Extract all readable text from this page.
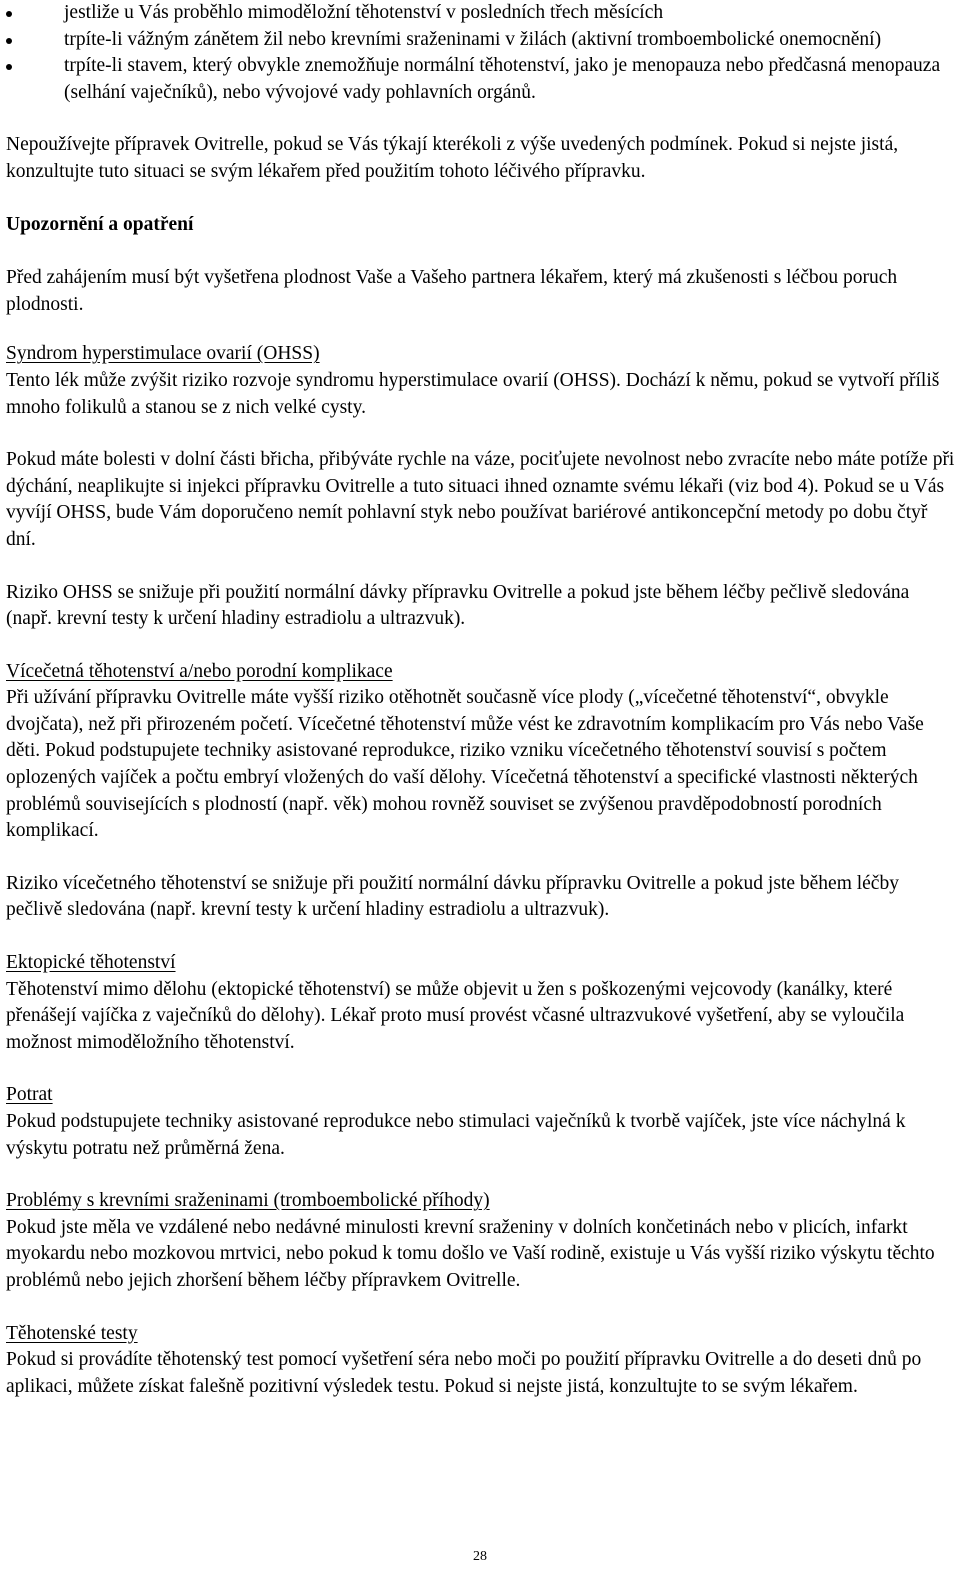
jestliže u Vás proběhlo mimoděložní těhotenství v posledních třech měsících
trpíte-li vážným zánětem žil nebo krevními sraženinami v žilách (aktivní tromboembolické onemocnění)
trpíte-li stavem, který obvykle znemožňuje normální těhotenství, jako je menopauza nebo předčasná menopauza (selhání vaječníků), nebo vývojové vady pohlavních orgánů.

Nepoužívejte přípravek Ovitrelle, pokud se Vás týkají kterékoli z výše uvedených podmínek. Pokud si nejste jistá, konzultujte tuto situaci se svým lékařem před použitím tohoto léčivého přípravku.

Upozornění a opatření

Před zahájením musí být vyšetřena plodnost Vaše a Vašeho partnera lékařem, který má zkušenosti s léčbou poruch plodnosti.

Syndrom hyperstimulace ovarií (OHSS)

Tento lék může zvýšit riziko rozvoje syndromu hyperstimulace ovarií (OHSS). Dochází k němu, pokud se vytvoří příliš mnoho folikulů a stanou se z nich velké cysty.

Pokud máte bolesti v dolní části břicha, přibýváte rychle na váze, pociťujete nevolnost nebo zvracíte nebo máte potíže při dýchání, neaplikujte si injekci přípravku Ovitrelle a tuto situaci ihned oznamte svému lékaři (viz bod 4). Pokud se u Vás vyvíjí OHSS, bude Vám doporučeno nemít pohlavní styk nebo používat bariérové antikoncepční metody po dobu čtyř dní.

Riziko OHSS se snižuje při použití normální dávky přípravku Ovitrelle a pokud jste během léčby pečlivě sledována (např. krevní testy k určení hladiny estradiolu a ultrazvuk).

Vícečetná těhotenství a/nebo porodní komplikace

Při užívání přípravku Ovitrelle máte vyšší riziko otěhotnět současně více plody („vícečetné těhotenství“, obvykle dvojčata), než při přirozeném početí. Vícečetné těhotenství může vést ke zdravotním komplikacím pro Vás nebo Vaše děti. Pokud podstupujete techniky asistované reprodukce, riziko vzniku vícečetného těhotenství souvisí s počtem oplozených vajíček a počtu embryí vložených do vaší dělohy. Vícečetná těhotenství a specifické vlastnosti některých problémů souvisejících s plodností (např. věk) mohou rovněž souviset se zvýšenou pravděpodobností porodních komplikací.

Riziko vícečetného těhotenství se snižuje při použití normální dávku přípravku Ovitrelle a pokud jste během léčby pečlivě sledována (např. krevní testy k určení hladiny estradiolu a ultrazvuk).

Ektopické těhotenství

Těhotenství mimo dělohu (ektopické těhotenství) se může objevit u žen s poškozenými vejcovody (kanálky, které přenášejí vajíčka z vaječníků do dělohy). Lékař proto musí provést včasné ultrazvukové vyšetření, aby se vyloučila možnost mimoděložního těhotenství.

Potrat

Pokud podstupujete techniky asistované reprodukce nebo stimulaci vaječníků k tvorbě vajíček, jste více náchylná k výskytu potratu než průměrná žena.

Problémy s krevními sraženinami (tromboembolické příhody)

Pokud jste měla ve vzdálené nebo nedávné minulosti krevní sraženiny v dolních končetinách nebo v plicích, infarkt myokardu nebo mozkovou mrtvici, nebo pokud k tomu došlo ve Vaší rodině, existuje u Vás vyšší riziko výskytu těchto problémů nebo jejich zhoršení během léčby přípravkem Ovitrelle.

Těhotenské testy

Pokud si provádíte těhotenský test pomocí vyšetření séra nebo moči po použití přípravku Ovitrelle a do deseti dnů po aplikaci, můžete získat falešně pozitivní výsledek testu. Pokud si nejste jistá, konzultujte to se svým lékařem.

28
